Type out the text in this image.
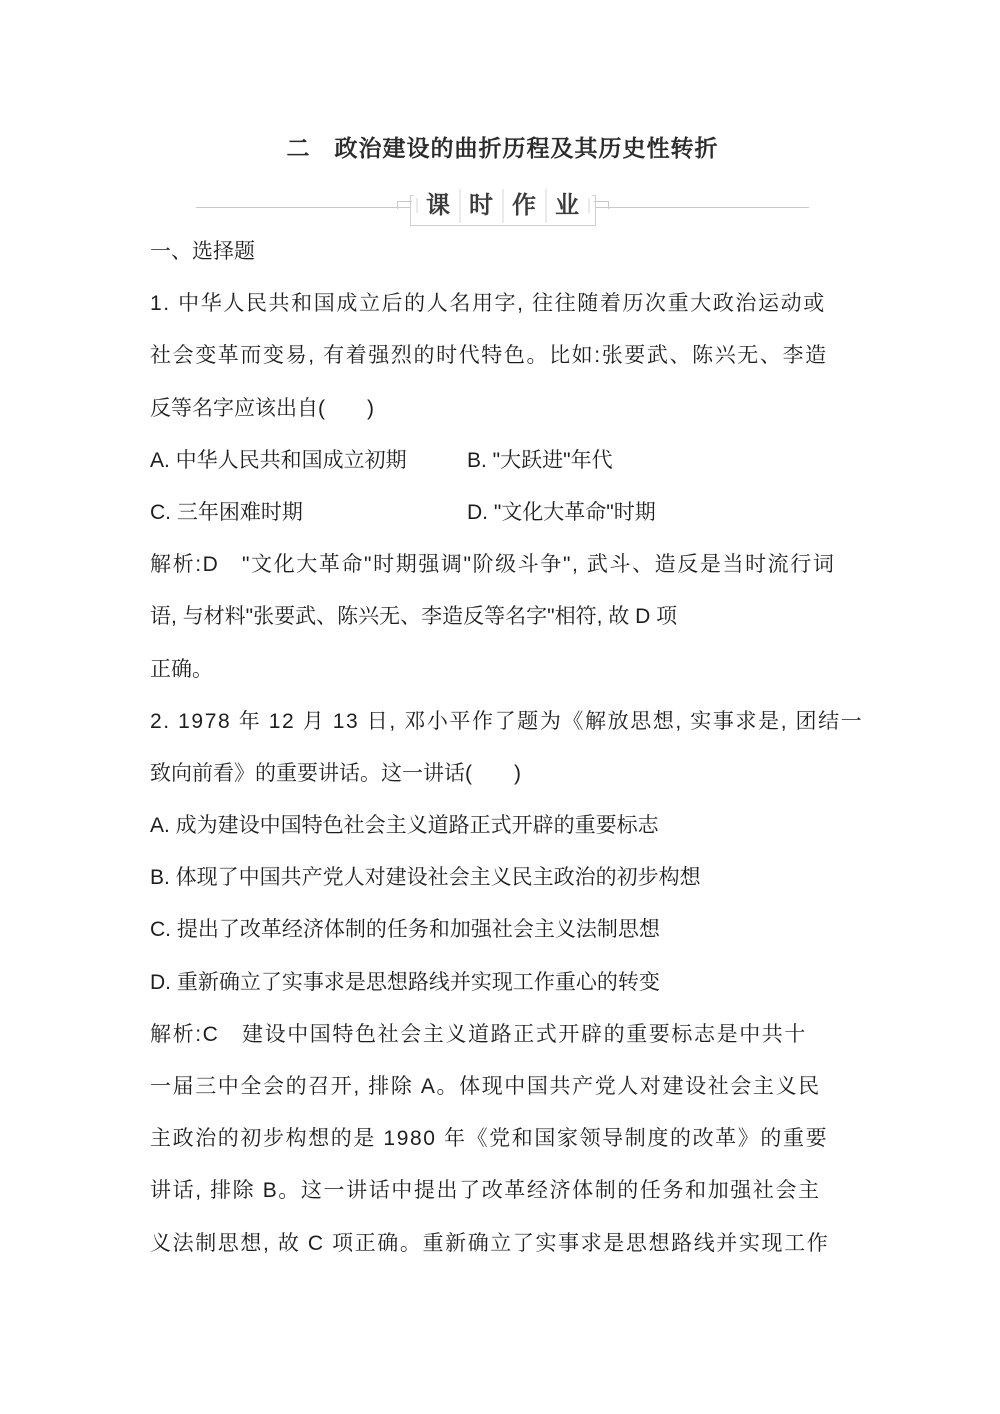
二　政治建设的曲折历程及其历史性转折
课 时 作 业
一、选择题
1. 中华人民共和国成立后的人名用字, 往往随着历次重大政治运动或
社会变革而变易, 有着强烈的时代特色。比如:张要武、陈兴无、李造
反等名字应该出自(　　)
A. 中华人民共和国成立初期	B. "大跃进"年代
C. 三年困难时期	D. "文化大革命"时期
解析:D　"文化大革命"时期强调"阶级斗争", 武斗、造反是当时流行词
语, 与材料"张要武、陈兴无、李造反等名字"相符, 故 D 项
正确。
2. 1978 年 12 月 13 日, 邓小平作了题为《解放思想, 实事求是, 团结一
致向前看》的重要讲话。这一讲话(　　)
A. 成为建设中国特色社会主义道路正式开辟的重要标志
B. 体现了中国共产党人对建设社会主义民主政治的初步构想
C. 提出了改革经济体制的任务和加强社会主义法制思想
D. 重新确立了实事求是思想路线并实现工作重心的转变
解析:C　建设中国特色社会主义道路正式开辟的重要标志是中共十
一届三中全会的召开, 排除 A。体现中国共产党人对建设社会主义民
主政治的初步构想的是 1980 年《党和国家领导制度的改革》的重要
讲话, 排除 B。这一讲话中提出了改革经济体制的任务和加强社会主
义法制思想, 故 C 项正确。重新确立了实事求是思想路线并实现工作
